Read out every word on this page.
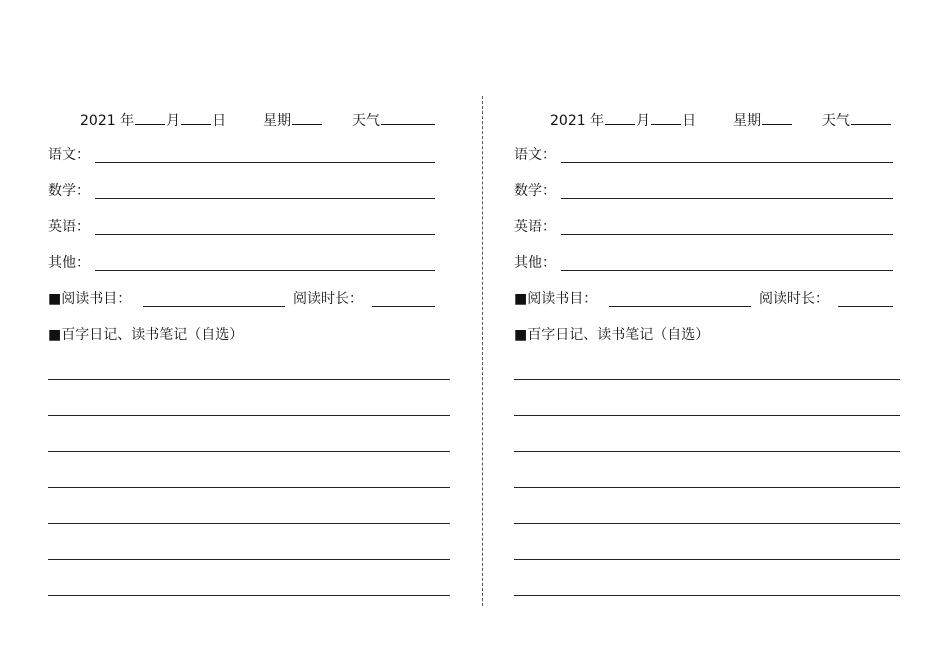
2021 年 月 日	星期	天气
语文：
数学：
英语：
其他：
■阅读书目：	阅读时长：
■百字日记、读书笔记（自选）
2021 年 月 日	星期	天气
语文：
数学：
英语：
其他：
■阅读书目：	阅读时长：
■百字日记、读书笔记（自选）
